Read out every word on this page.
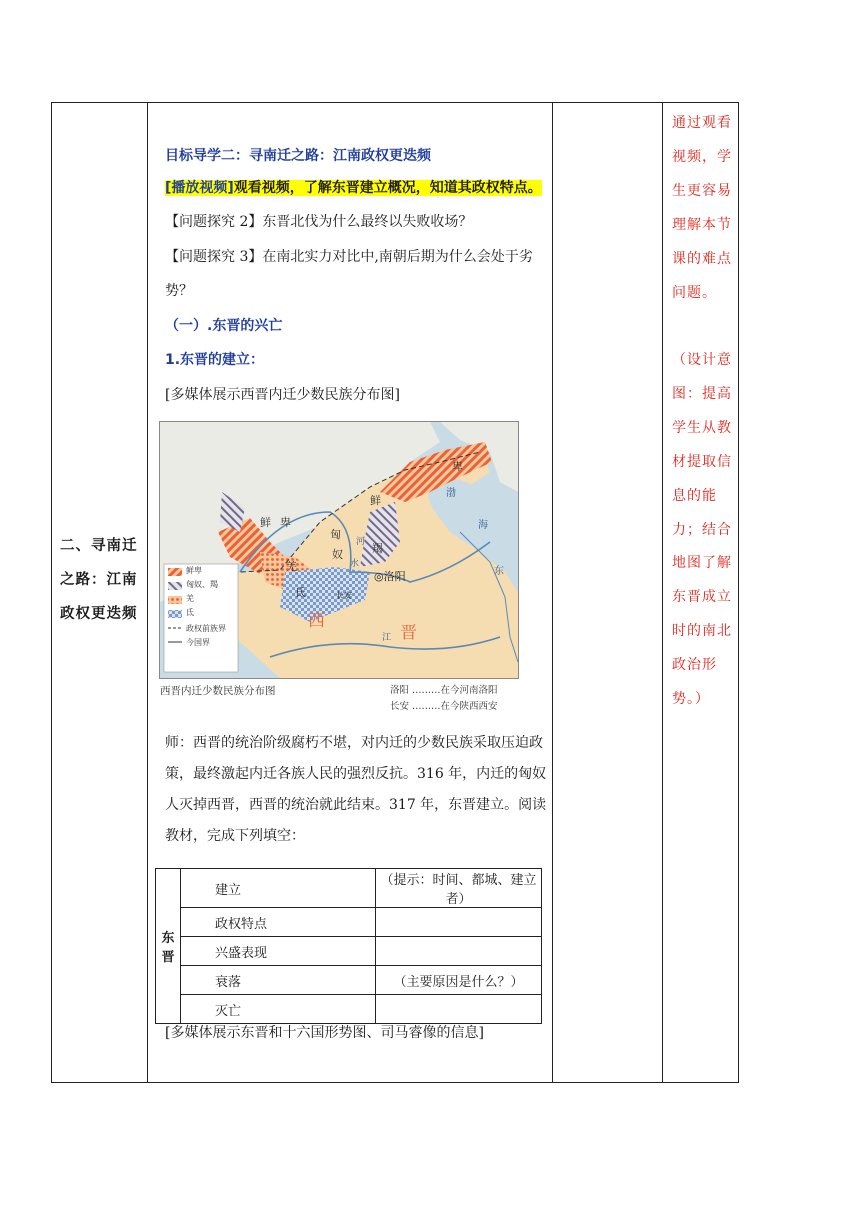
二、寻南迁之路：江南政权更迭频
目标导学二：寻南迁之路：江南政权更迭频
[播放视频]观看视频，了解东晋建立概况，知道其政权特点。
【问题探究 2】东晋北伐为什么最终以失败收场？
【问题探究 3】在南北实力对比中,南朝后期为什么会处于劣
势？
（一）.东晋的兴亡
1.东晋的建立：
[多媒体展示西晋内迁少数民族分布图]
师：西晋的统治阶级腐朽不堪，对内迁的少数民族采取压迫政策，最终激起内迁各族人民的强烈反抗。316 年，内迁的匈奴人灭掉西晋，西晋的统治就此结束。317 年，东晋建立。阅读教材，完成下列填空：
[多媒体展示东晋和十六国形势图、司马睿像的信息]
通过观看视频，学生更容易理解本节课的难点问题。
（设计意图：提高学生从教材提取信息的能力；结合地图了解东晋成立时的南北政治形势。）
鲜卑
匈奴、羯
羌
氐
政权前族界
今国界
鲜
卑
鲜 卑
匈
奴	羯
羌
氐
河
水
东
海
渤
江
◎洛阳
长安
西
晋
西晋内迁少数民族分布图	洛阳 ………在今河南洛阳
长安 ………在今陕西西安
东晋	建立	（提示：时间、都城、建立者）
	政权特点	
	兴盛表现	
	衰落	（主要原因是什么？）
	灭亡	
